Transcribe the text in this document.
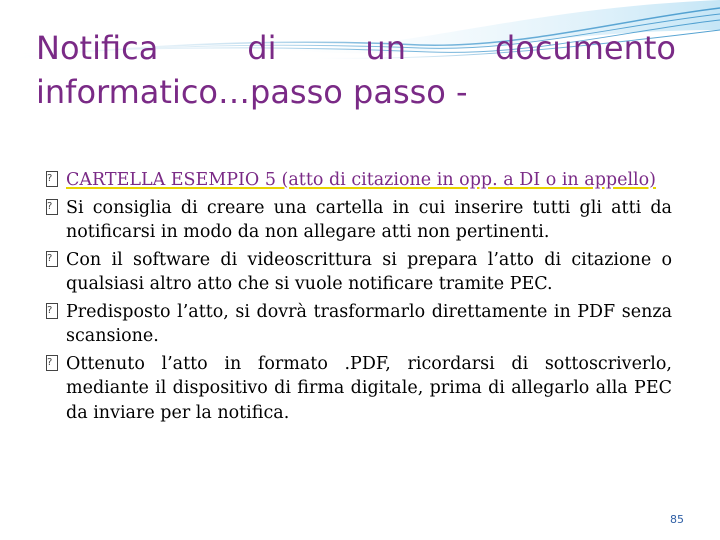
Notifica	di	un	documento
informatico…passo passo -
? CARTELLA ESEMPIO 5 (atto di citazione in opp. a DI o in appello)
? Si consiglia di creare una cartella in cui inserire tutti gli atti da notificarsi in modo da non allegare atti non pertinenti.
? Con il software di videoscrittura si prepara l’atto di citazione o qualsiasi altro atto che si vuole notificare tramite PEC.
? Predisposto l’atto, si dovrà trasformarlo direttamente in PDF senza scansione.
? Ottenuto l’atto in formato .PDF, ricordarsi di sottoscriverlo, mediante il dispositivo di firma digitale, prima di allegarlo alla PEC da inviare per la notifica.
85
